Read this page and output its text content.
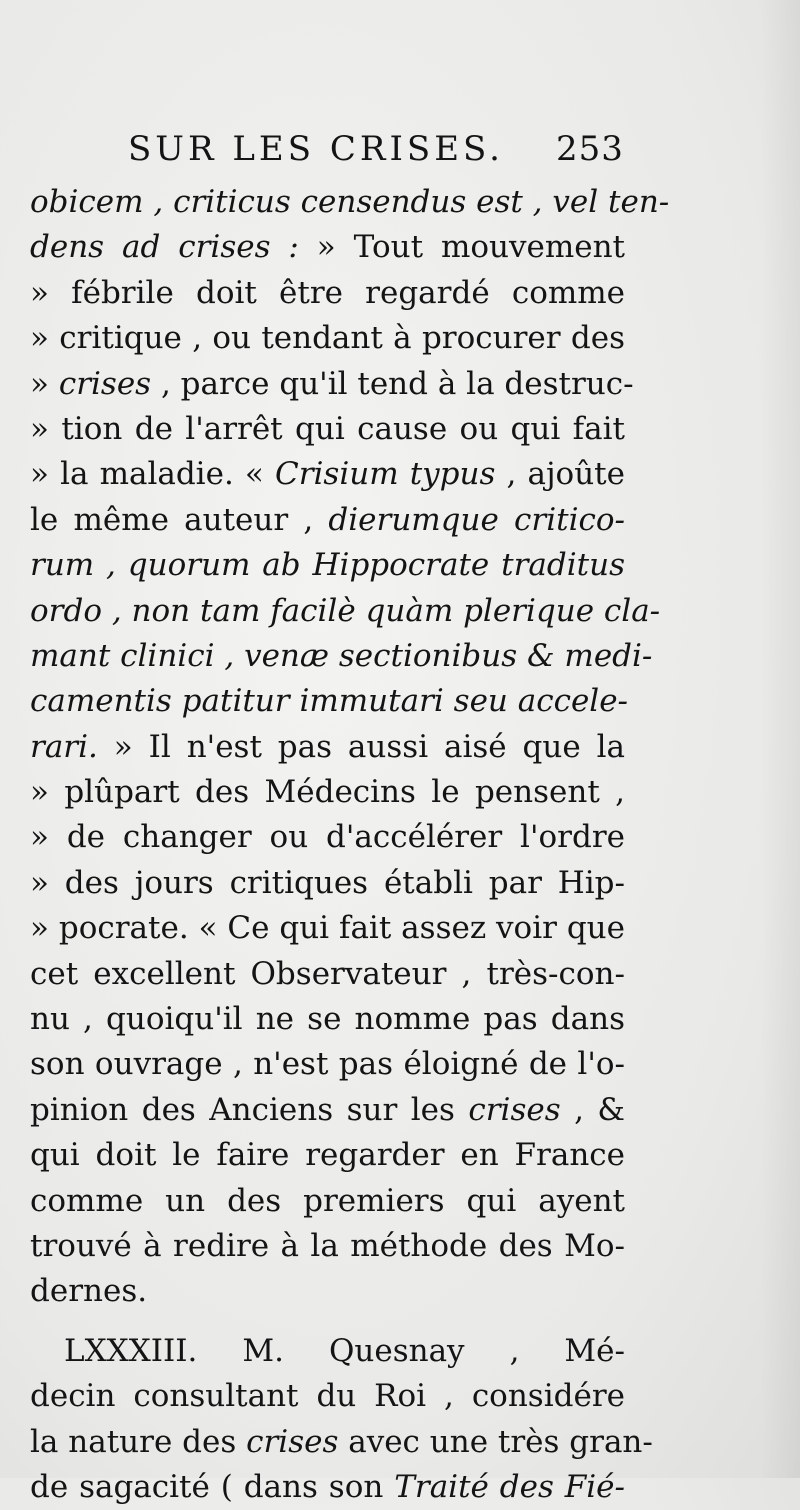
SUR LES CRISES. 253
obicem , criticus censendus est , vel ten-
dens ad crises : » Tout mouvement
» fébrile doit être regardé comme
» critique , ou tendant à procurer des
» crises , parce qu'il tend à la destruc-
» tion de l'arrêt qui cause ou qui fait
» la maladie. « Crisium typus , ajoûte
le même auteur , dierumque critico-
rum , quorum ab Hippocrate traditus
ordo , non tam facilè quàm plerique cla-
mant clinici , venæ sectionibus & medi-
camentis patitur immutari seu accele-
rari. » Il n'est pas aussi aisé que la
» plûpart des Médecins le pensent ,
» de changer ou d'accélérer l'ordre
» des jours critiques établi par Hip-
» pocrate. « Ce qui fait assez voir que
cet excellent Observateur , très-con-
nu , quoiqu'il ne se nomme pas dans
son ouvrage , n'est pas éloigné de l'o-
pinion des Anciens sur les crises , &
qui doit le faire regarder en France
comme un des premiers qui ayent
trouvé à redire à la méthode des Mo-
dernes.
LXXXIII. M. Quesnay , Mé-
decin consultant du Roi , considére
la nature des crises avec une très gran-
de sagacité ( dans son Traité des Fié-
